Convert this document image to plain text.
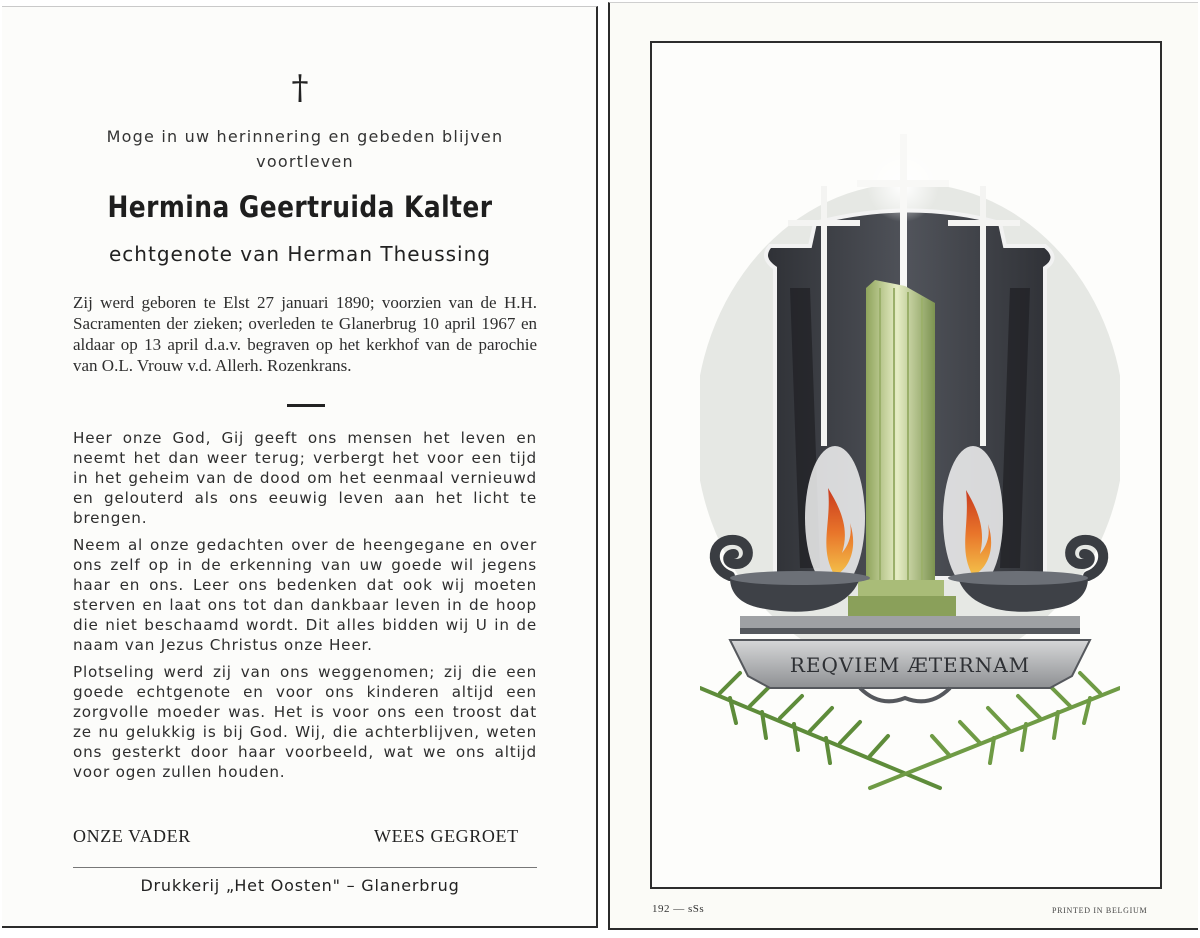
†
Moge in uw herinnering en gebeden blijven voortleven
Hermina Geertruida Kalter
echtgenote van Herman Theussing
Zij werd geboren te Elst 27 januari 1890; voorzien van de H.H. Sacramenten der zieken; overleden te Glanerbrug 10 april 1967 en aldaar op 13 april d.a.v. begraven op het kerkhof van de parochie van O.L. Vrouw v.d. Allerh. Rozenkrans.

Heer onze God, Gij geeft ons mensen het leven en neemt het dan weer terug; verbergt het voor een tijd in het geheim van de dood om het eenmaal vernieuwd en gelouterd als ons eeuwig leven aan het licht te brengen.

Neem al onze gedachten over de heengegane en over ons zelf op in de erkenning van uw goede wil jegens haar en ons. Leer ons bedenken dat ook wij moeten sterven en laat ons tot dan dankbaar leven in de hoop die niet beschaamd wordt. Dit alles bidden wij U in de naam van Jezus Christus onze Heer.

Plotseling werd zij van ons weggenomen; zij die een goede echtgenote en voor ons kinderen altijd een zorgvolle moeder was. Het is voor ons een troost dat ze nu gelukkig is bij God. Wij, die achterblijven, weten ons gesterkt door haar voorbeeld, wat we ons altijd voor ogen zullen houden.

ONZE VADER	WEES GEGROET
Drukkerij „Het Oosten" – Glanerbrug
REQVIEM ÆTERNAM
192 — sSs	PRINTED IN BELGIUM
